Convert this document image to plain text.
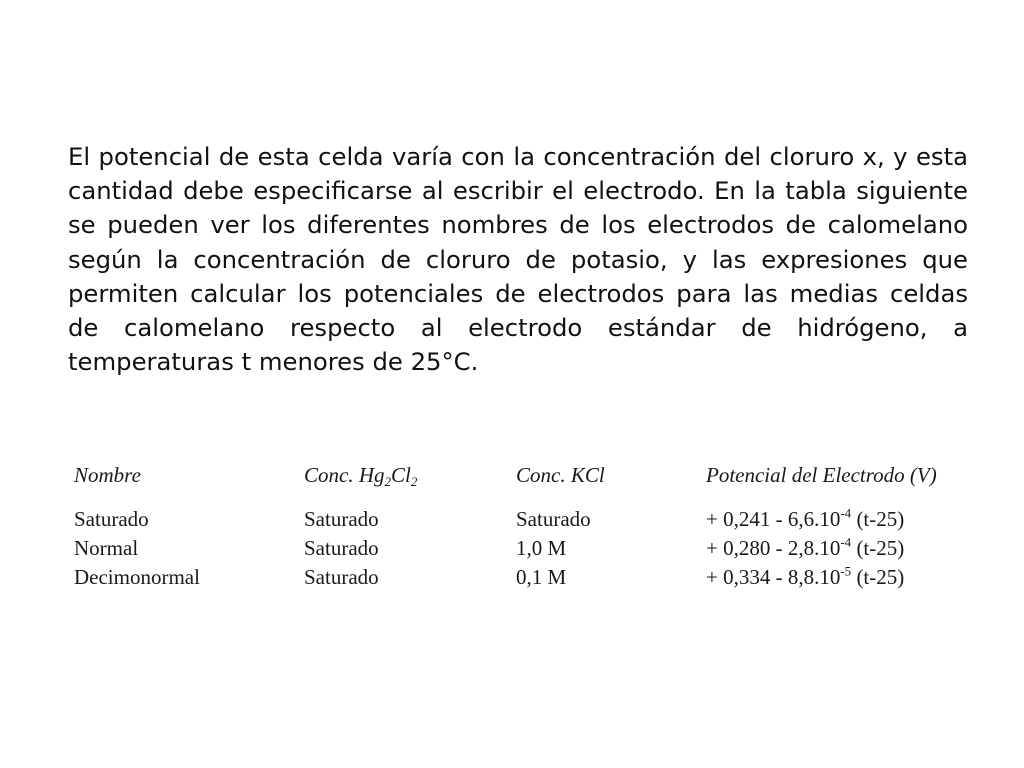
El potencial de esta celda varía con la concentración del cloruro x, y esta cantidad debe especificarse al escribir el electrodo. En la tabla siguiente se pueden ver los diferentes nombres de los electrodos de calomelano según la concentración de cloruro de potasio, y las expresiones que permiten calcular los potenciales de electrodos para las medias celdas de calomelano respecto al electrodo estándar de hidrógeno, a temperaturas t menores de 25°C.

Nombre	Conc. $Hg_2Cl_2$	Conc. KCl	Potencial del Electrodo (V)
Saturado	Saturado	Saturado	+ $0,241 - 6,6.10^{-4}$ (t-25)
Normal	Saturado	1,0 M	+ $0,280 - 2,8.10^{-4}$ (t-25)
Decimonormal	Saturado	0,1 M	+ $0,334 - 8,8.10^{-5}$ (t-25)
